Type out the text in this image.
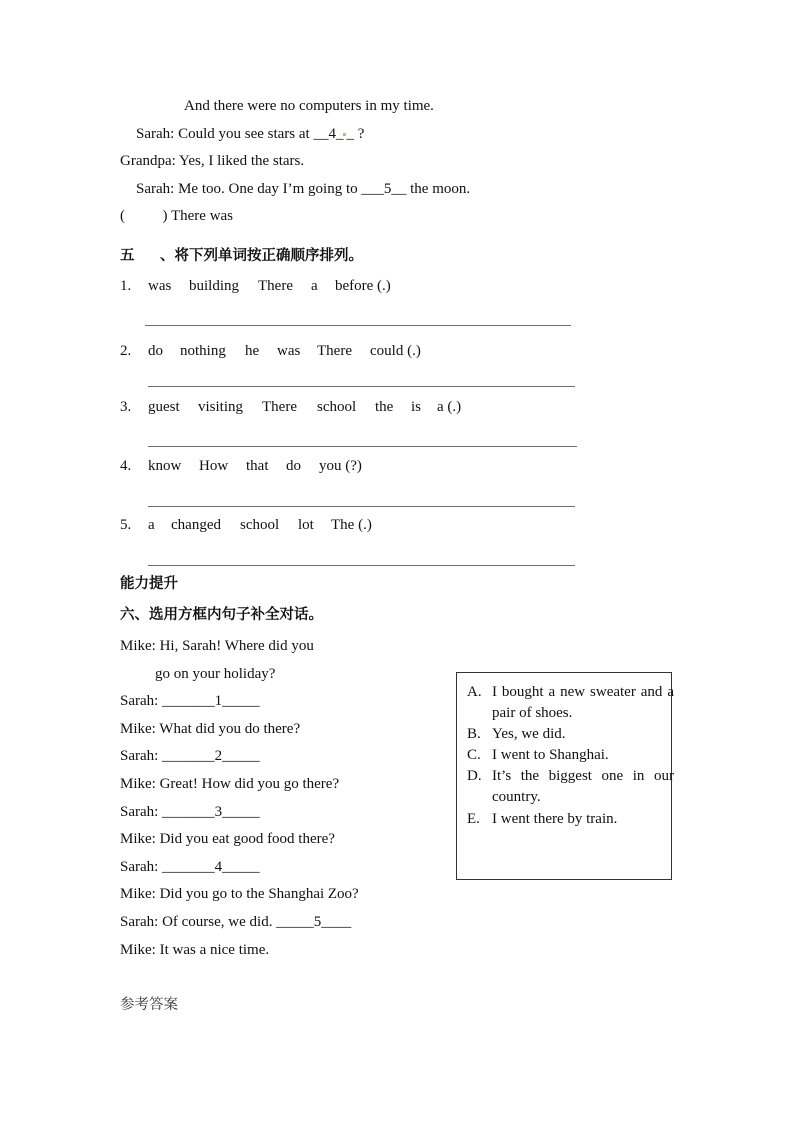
And there were no computers in my time.
Sarah: Could you see stars at __4_ _ ?
Grandpa: Yes, I liked the stars.
Sarah: Me too. One day I’m going to ___5__ the moon.
(          ) There was
五 、将下列单词按正确顺序排列。
1. was building There a before (.)
2. do nothing he was There could (.)
3. guest visiting There school the is a (.)
4. know How that do you (?)
5. a changed school lot The (.)
能力提升
六、选用方框内句子补全对话。
Mike: Hi, Sarah! Where did you
go on your holiday?
Sarah: _______1_____
Mike: What did you do there?
Sarah: _______2_____
Mike: Great! How did you go there?
Sarah: _______3_____
Mike: Did you eat good food there?
Sarah: _______4_____
Mike: Did you go to the Shanghai Zoo?
Sarah: Of course, we did. _____5____
Mike: It was a nice time.
A. I bought a new sweater and a pair of shoes.
B. Yes, we did.
C. I went to Shanghai.
D. It’s the biggest one in our country.
E. I went there by train.
参考答案
